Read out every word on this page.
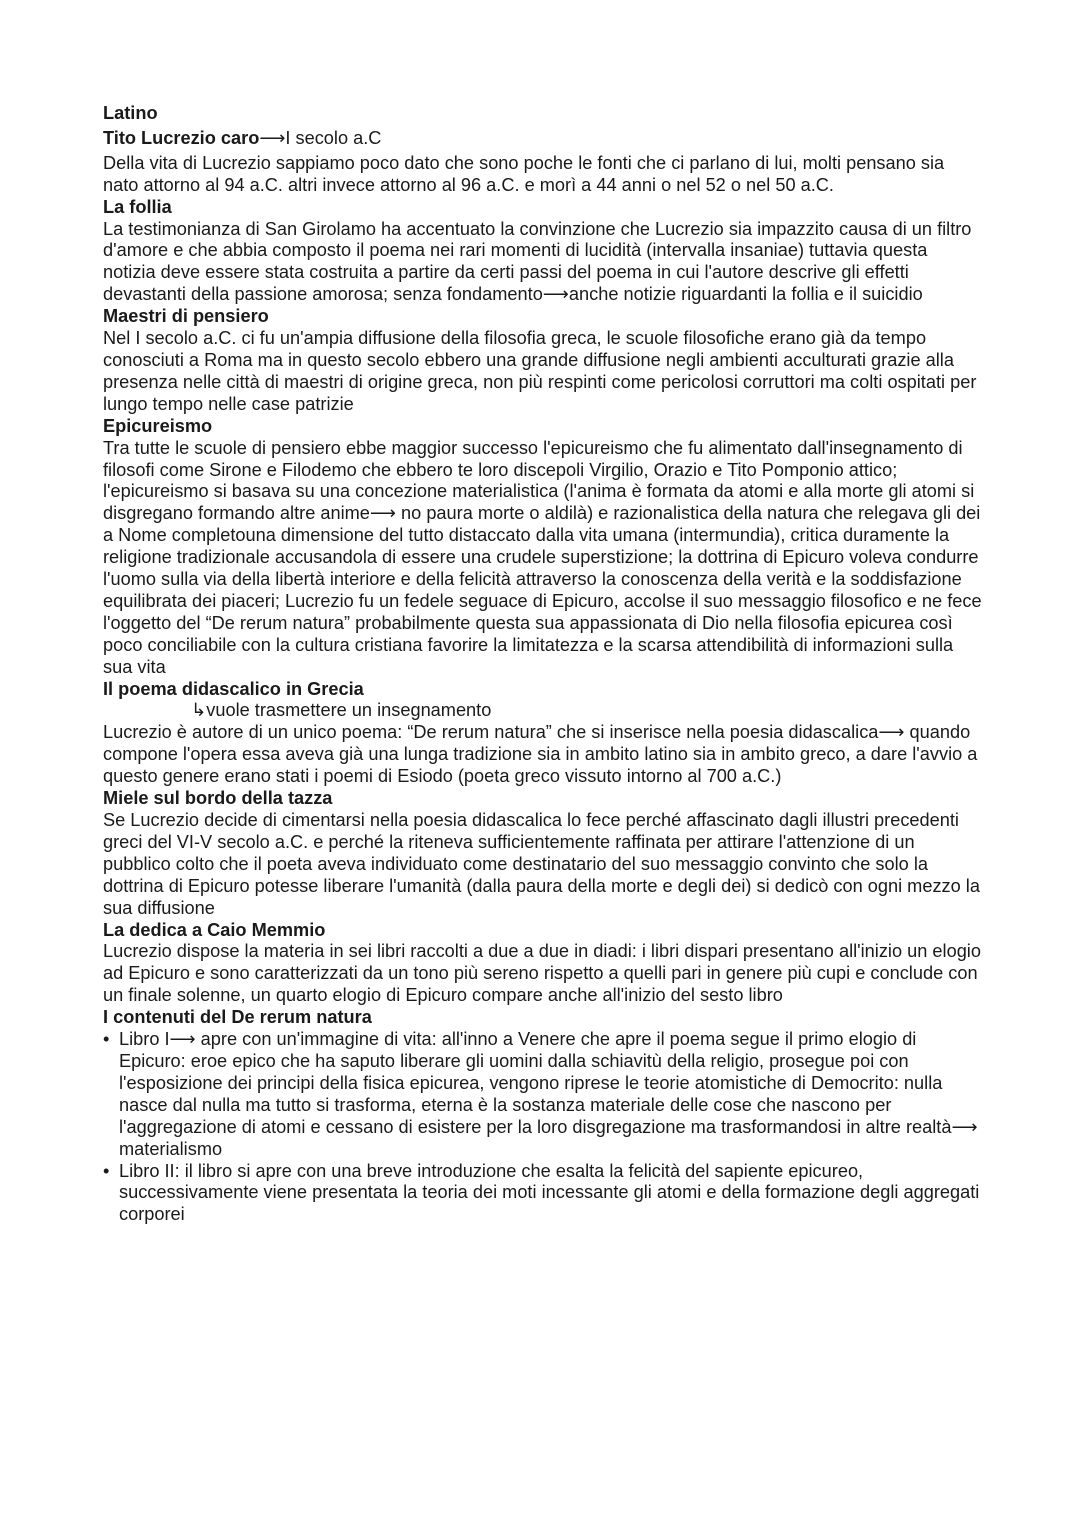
Latino

Tito Lucrezio caro⟶I secolo a.C

Della vita di Lucrezio sappiamo poco dato che sono poche le fonti che ci parlano di lui, molti pensano sia nato attorno al 94 a.C. altri invece attorno al 96 a.C. e morì a 44 anni o nel 52 o nel 50 a.C.

La follia

La testimonianza di San Girolamo ha accentuato la convinzione che Lucrezio sia impazzito causa di un filtro d'amore e che abbia composto il poema nei rari momenti di lucidità (intervalla insaniae) tuttavia questa notizia deve essere stata costruita a partire da certi passi del poema in cui l'autore descrive gli effetti devastanti della passione amorosa; senza fondamento⟶anche notizie riguardanti la follia e il suicidio

Maestri di pensiero

Nel I secolo a.C. ci fu un'ampia diffusione della filosofia greca, le scuole filosofiche erano già da tempo conosciuti a Roma ma in questo secolo ebbero una grande diffusione negli ambienti acculturati grazie alla presenza nelle città di maestri di origine greca, non più respinti come pericolosi corruttori ma colti ospitati per lungo tempo nelle case patrizie

Epicureismo

Tra tutte le scuole di pensiero ebbe maggior successo l'epicureismo che fu alimentato dall'insegnamento di filosofi come Sirone e Filodemo che ebbero te loro discepoli Virgilio, Orazio e Tito Pomponio attico; l'epicureismo si basava su una concezione materialistica (l'anima è formata da atomi e alla morte gli atomi si disgregano formando altre anime⟶ no paura morte o aldilà) e razionalistica della natura che relegava gli dei a Nome completouna dimensione del tutto distaccato dalla vita umana (intermundia), critica duramente la religione tradizionale accusandola di essere una crudele superstizione; la dottrina di Epicuro voleva condurre l'uomo sulla via della libertà interiore e della felicità attraverso la conoscenza della verità e la soddisfazione equilibrata dei piaceri; Lucrezio fu un fedele seguace di Epicuro, accolse il suo messaggio filosofico e ne fece l'oggetto del “De rerum natura” probabilmente questa sua appassionata di Dio nella filosofia epicurea così poco conciliabile con la cultura cristiana favorire la limitatezza e la scarsa attendibilità di informazioni sulla sua vita

Il poema didascalico in Grecia

↳vuole trasmettere un insegnamento

Lucrezio è autore di un unico poema: “De rerum natura” che si inserisce nella poesia didascalica⟶ quando compone l'opera essa aveva già una lunga tradizione sia in ambito latino sia in ambito greco, a dare l'avvio a questo genere erano stati i poemi di Esiodo (poeta greco vissuto intorno al 700 a.C.)

Miele sul bordo della tazza

Se Lucrezio decide di cimentarsi nella poesia didascalica lo fece perché affascinato dagli illustri precedenti greci del VI-V secolo a.C. e perché la riteneva sufficientemente raffinata per attirare l'attenzione di un pubblico colto che il poeta aveva individuato come destinatario del suo messaggio convinto che solo la dottrina di Epicuro potesse liberare l'umanità (dalla paura della morte e degli dei) si dedicò con ogni mezzo la sua diffusione

La dedica a Caio Memmio

Lucrezio dispose la materia in sei libri raccolti a due a due in diadi: i libri dispari presentano all'inizio un elogio ad Epicuro e sono caratterizzati da un tono più sereno rispetto a quelli pari in genere più cupi e conclude con un finale solenne, un quarto elogio di Epicuro compare anche all'inizio del sesto libro

I contenuti del De rerum natura

• Libro I⟶ apre con un'immagine di vita: all'inno a Venere che apre il poema segue il primo elogio di Epicuro: eroe epico che ha saputo liberare gli uomini dalla schiavitù della religio, prosegue poi con l'esposizione dei principi della fisica epicurea, vengono riprese le teorie atomistiche di Democrito: nulla nasce dal nulla ma tutto si trasforma, eterna è la sostanza materiale delle cose che nascono per l'aggregazione di atomi e cessano di esistere per la loro disgregazione ma trasformandosi in altre realtà⟶ materialismo
• Libro II: il libro si apre con una breve introduzione che esalta la felicità del sapiente epicureo, successivamente viene presentata la teoria dei moti incessante gli atomi e della formazione degli aggregati corporei
